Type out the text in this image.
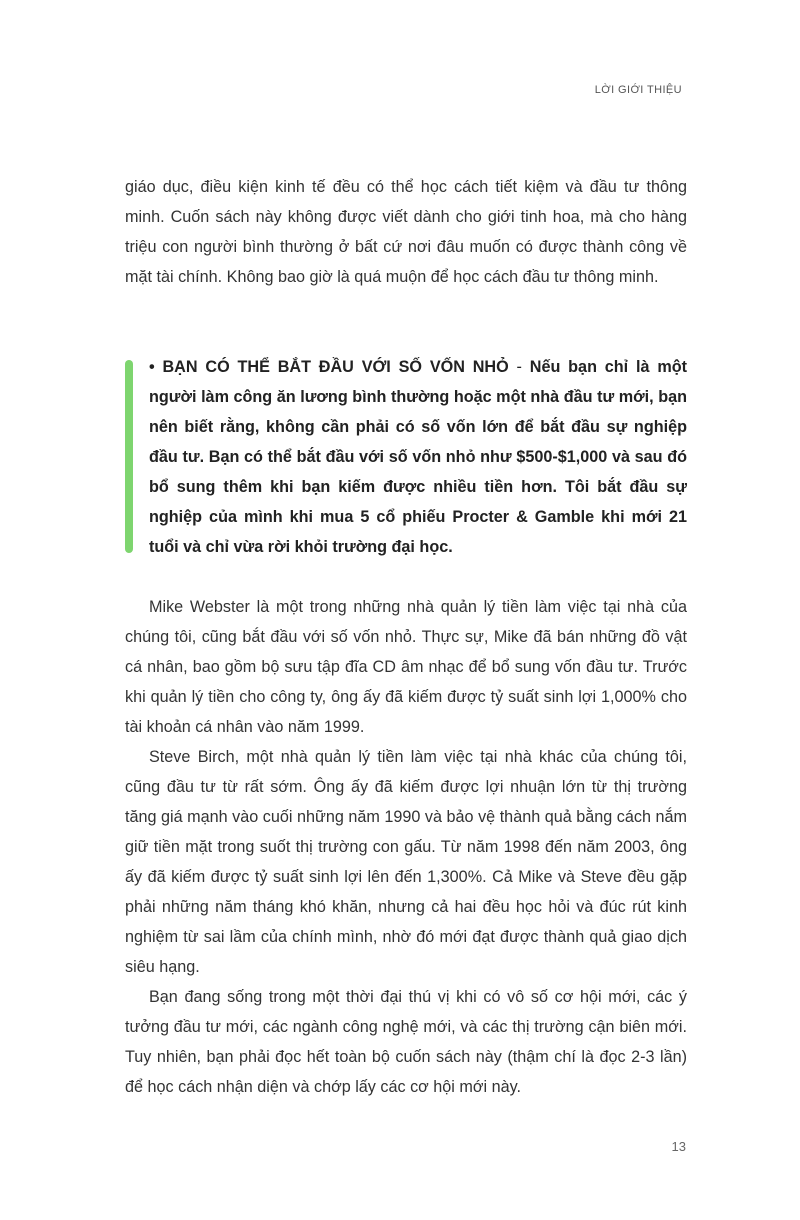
LỜI GIỚI THIỆU

giáo dục, điều kiện kinh tế đều có thể học cách tiết kiệm và đầu tư thông minh. Cuốn sách này không được viết dành cho giới tinh hoa, mà cho hàng triệu con người bình thường ở bất cứ nơi đâu muốn có được thành công về mặt tài chính. Không bao giờ là quá muộn để học cách đầu tư thông minh.

• BẠN CÓ THỂ BẮT ĐẦU VỚI SỐ VỐN NHỎ - Nếu bạn chỉ là một người làm công ăn lương bình thường hoặc một nhà đầu tư mới, bạn nên biết rằng, không cần phải có số vốn lớn để bắt đầu sự nghiệp đầu tư. Bạn có thể bắt đầu với số vốn nhỏ như $500-$1,000 và sau đó bổ sung thêm khi bạn kiếm được nhiều tiền hơn. Tôi bắt đầu sự nghiệp của mình khi mua 5 cổ phiếu Procter & Gamble khi mới 21 tuổi và chỉ vừa rời khỏi trường đại học.

Mike Webster là một trong những nhà quản lý tiền làm việc tại nhà của chúng tôi, cũng bắt đầu với số vốn nhỏ. Thực sự, Mike đã bán những đồ vật cá nhân, bao gồm bộ sưu tập đĩa CD âm nhạc để bổ sung vốn đầu tư. Trước khi quản lý tiền cho công ty, ông ấy đã kiếm được tỷ suất sinh lợi 1,000% cho tài khoản cá nhân vào năm 1999.

Steve Birch, một nhà quản lý tiền làm việc tại nhà khác của chúng tôi, cũng đầu tư từ rất sớm. Ông ấy đã kiếm được lợi nhuận lớn từ thị trường tăng giá mạnh vào cuối những năm 1990 và bảo vệ thành quả bằng cách nắm giữ tiền mặt trong suốt thị trường con gấu. Từ năm 1998 đến năm 2003, ông ấy đã kiếm được tỷ suất sinh lợi lên đến 1,300%. Cả Mike và Steve đều gặp phải những năm tháng khó khăn, nhưng cả hai đều học hỏi và đúc rút kinh nghiệm từ sai lầm của chính mình, nhờ đó mới đạt được thành quả giao dịch siêu hạng.

Bạn đang sống trong một thời đại thú vị khi có vô số cơ hội mới, các ý tưởng đầu tư mới, các ngành công nghệ mới, và các thị trường cận biên mới. Tuy nhiên, bạn phải đọc hết toàn bộ cuốn sách này (thậm chí là đọc 2-3 lần) để học cách nhận diện và chớp lấy các cơ hội mới này.

13
